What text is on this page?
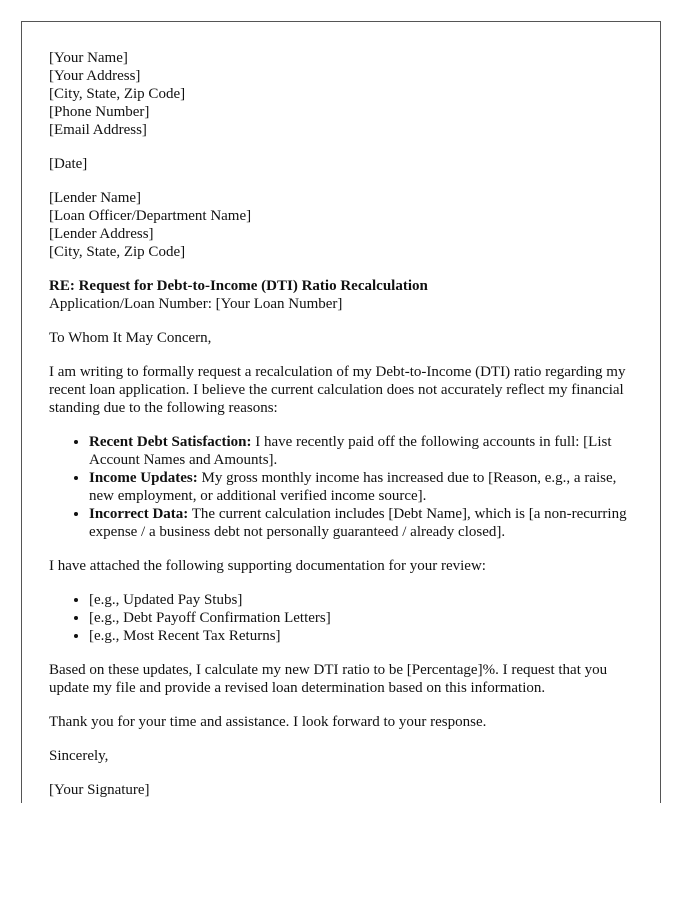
[Your Name]
[Your Address]
[City, State, Zip Code]
[Phone Number]
[Email Address]
[Date]
[Lender Name]
[Loan Officer/Department Name]
[Lender Address]
[City, State, Zip Code]
RE: Request for Debt-to-Income (DTI) Ratio Recalculation
Application/Loan Number: [Your Loan Number]

To Whom It May Concern,

I am writing to formally request a recalculation of my Debt-to-Income (DTI) ratio regarding my recent loan application. I believe the current calculation does not accurately reflect my financial standing due to the following reasons:

• Recent Debt Satisfaction: I have recently paid off the following accounts in full: [List Account Names and Amounts].
• Income Updates: My gross monthly income has increased due to [Reason, e.g., a raise, new employment, or additional verified income source].
• Incorrect Data: The current calculation includes [Debt Name], which is [a non-recurring expense / a business debt not personally guaranteed / already closed].

I have attached the following supporting documentation for your review:

• [e.g., Updated Pay Stubs]
• [e.g., Debt Payoff Confirmation Letters]
• [e.g., Most Recent Tax Returns]

Based on these updates, I calculate my new DTI ratio to be [Percentage]%. I request that you update my file and provide a revised loan determination based on this information.

Thank you for your time and assistance. I look forward to your response.

Sincerely,

[Your Signature]
